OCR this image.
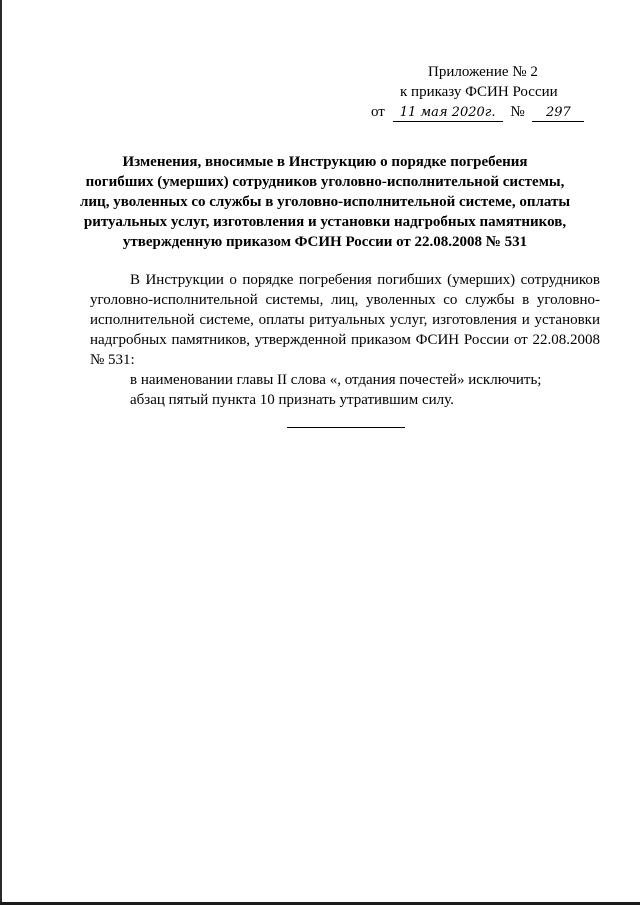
Приложение № 2
к приказу ФСИН России
от 11 мая 2020г. № 297
Изменения, вносимые в Инструкцию о порядке погребения
погибших (умерших) сотрудников уголовно-исполнительной системы,
лиц, уволенных со службы в уголовно-исполнительной системе, оплаты
ритуальных услуг, изготовления и установки надгробных памятников,
утвержденную приказом ФСИН России от 22.08.2008 № 531
В Инструкции о порядке погребения погибших (умерших) сотрудников уголовно-исполнительной системы, лиц, уволенных со службы в уголовно-исполнительной системе, оплаты ритуальных услуг, изготовления и установки надгробных памятников, утвержденной приказом ФСИН России от 22.08.2008 № 531:
в наименовании главы II слова «, отдания почестей» исключить;
абзац пятый пункта 10 признать утратившим силу.
